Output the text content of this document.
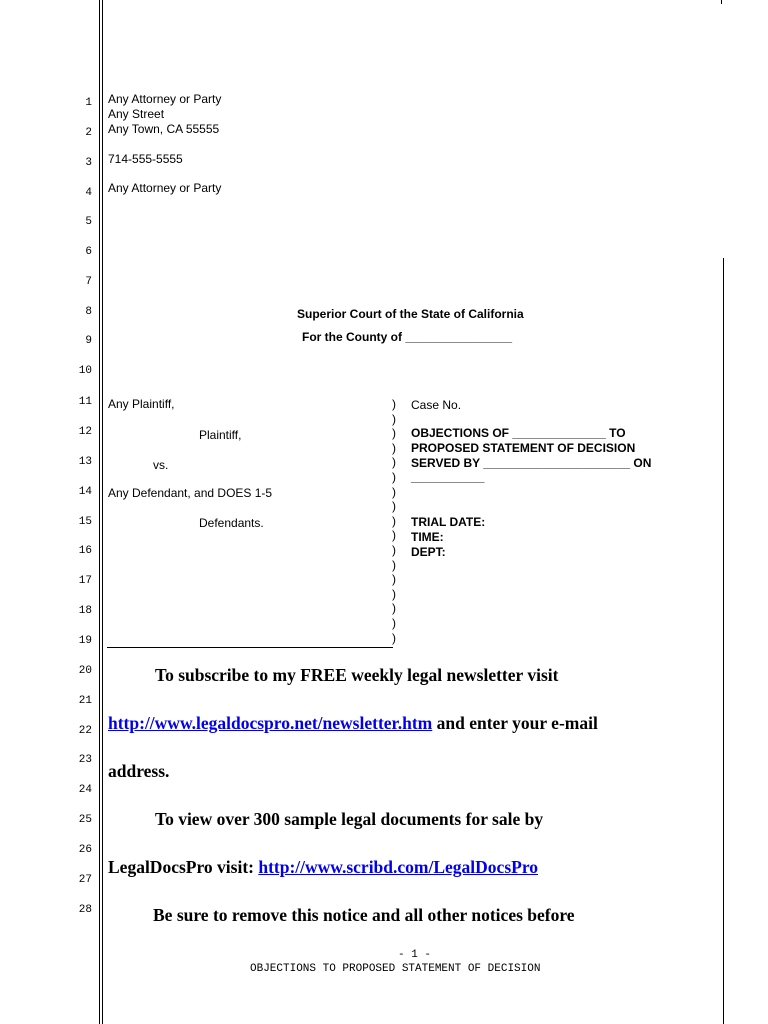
1
2
3
4
5
6
7
8
9
10
11
12
13
14
15
16
17
18
19
20
21
22
23
24
25
26
27
28
Any Attorney or Party
Any Street
Any Town, CA 55555
714-555-5555
Any Attorney or Party
Superior Court of the State of California
For the County of ________________
Any Plaintiff,
Plaintiff,
vs.
Any Defendant, and DOES 1-5
Defendants.
)
)
)
)
)
)
)
)
)
)
)
)
)
)
)
)
)
Case No.
OBJECTIONS OF ______________ TO
PROPOSED STATEMENT OF DECISION
SERVED BY ______________________ ON
___________
TRIAL DATE:
TIME:
DEPT:
To subscribe to my FREE weekly legal newsletter visit
http://www.legaldocspro.net/newsletter.htm and enter your e-mail
address.
To view over 300 sample legal documents for sale by
LegalDocsPro visit: http://www.scribd.com/LegalDocsPro
Be sure to remove this notice and all other notices before
- 1 -
OBJECTIONS TO PROPOSED STATEMENT OF DECISION
